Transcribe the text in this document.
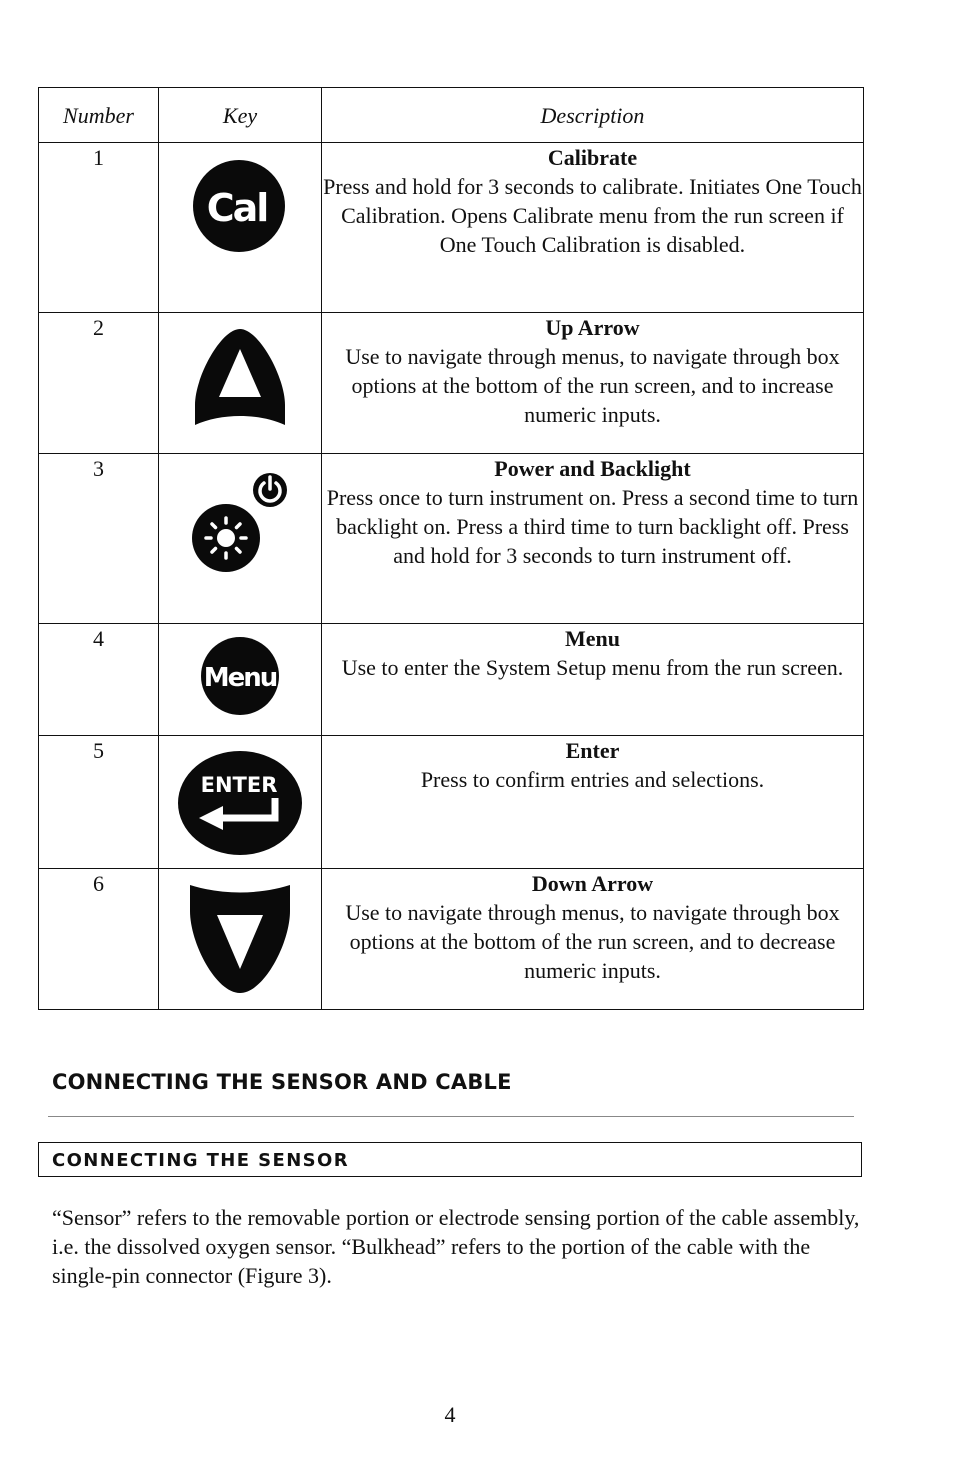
Number	Key	Description
1	Cal	Calibrate
Press and hold for 3 seconds to calibrate. Initiates One Touch Calibration. Opens Calibrate menu from the run screen if One Touch Calibration is disabled.

2		Up Arrow
Use to navigate through menus, to navigate through box options at the bottom of the run screen, and to increase numeric inputs.

3		Power and Backlight
Press once to turn instrument on. Press a second time to turn backlight on. Press a third time to turn backlight off. Press and hold for 3 seconds to turn instrument off.

4	Menu	Menu
Use to enter the System Setup menu from the run screen.

5	ENTER	Enter
Press to confirm entries and selections.

6		Down Arrow
Use to navigate through menus, to navigate through box options at the bottom of the run screen, and to decrease numeric inputs.
CONNECTING THE SENSOR AND CABLE
CONNECTING THE SENSOR

“Sensor” refers to the removable portion or electrode sensing portion of the cable assembly, i.e. the dissolved oxygen sensor. “Bulkhead” refers to the portion of the cable with the single-pin connector (Figure 3).

4
